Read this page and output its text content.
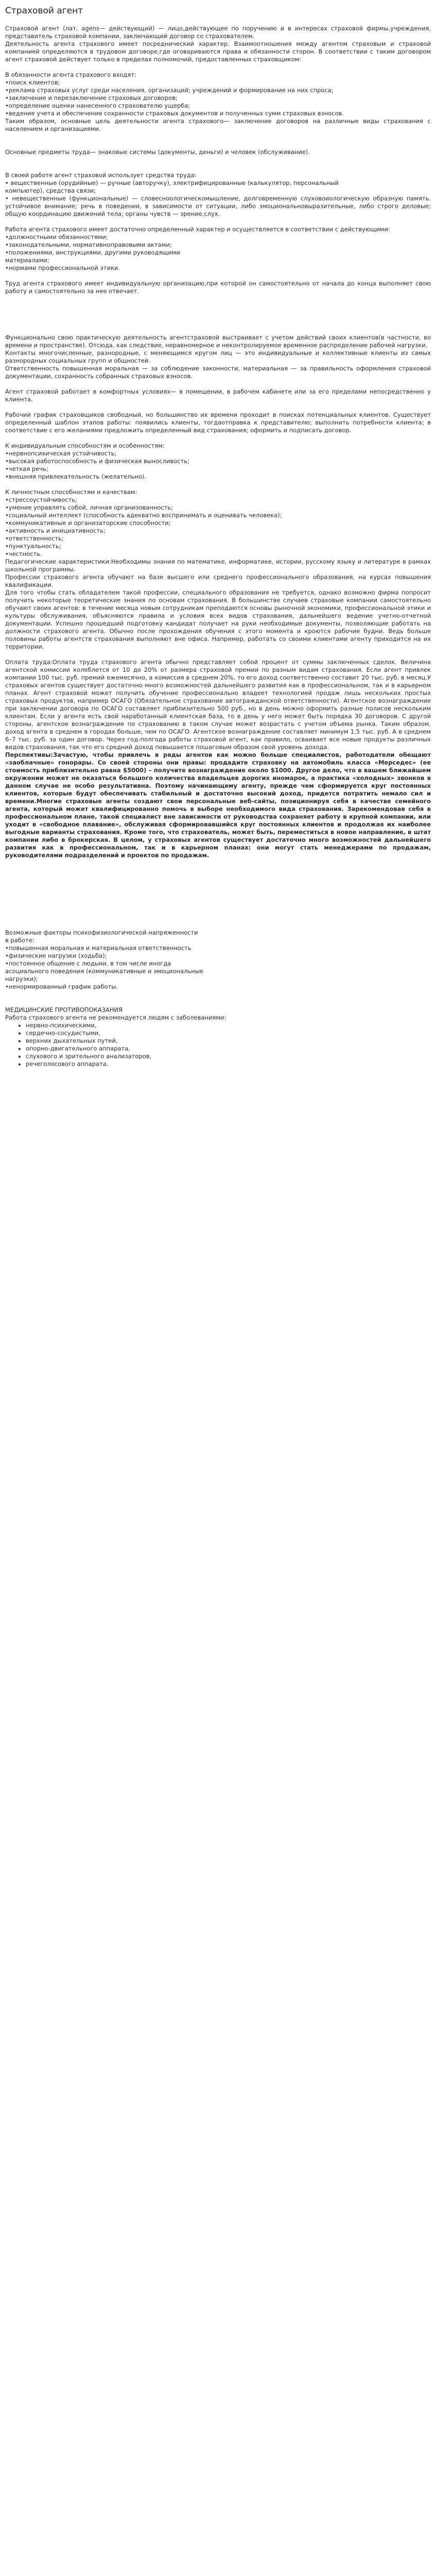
Страховой агент

Страховой агент (лат. agens— действующий) — лицо,действующее по поручению и в интересах страховой фирмы,учреждения, представитель страховой компании, заключающий договор со страхователем.

Деятельность агента страхового имеет посреднический характер. Взаимоотношения между агентом страховым и страховой компанией определяются в трудовом договоре,где оговариваются права и обязанности сторон. В соответствии с таким договором агент страховой действует только в пределах полномочий, предоставленных страховщиком:

В обязанности агента страхового входят:

•поиск клиентов;

•реклама страховых услуг среди населения, организаций; учреждений и формирование на них спроса;

•заключение и перезаключение страховых договоров;

•определение оценки нанесенного страхователю ущерба;

•ведение учета и обеспечение сохранности страховых документов и полученных сумм страховых взносов.

Таким образом, основные цель деятельности агента страхового— заключение договоров на различные виды страхования с населением и организациями.

Основные предметы труда— знаковые системы (документы, деньги) и человек (обслуживание).

В своей работе агент страховой использует средства труда:

• вещественные (орудийные) — ручные (авторучку), электрифицированные (калькулятор, персональный

компьютер), средства связи;

• невещественные (функциональные) — словесноологическомышление, долговременную слуховоиологическую образную память. устойчивое внимание; речь в поведении, в зависимости от ситуации, либо эмоциональновыразительные, либо строго деловые; общую координацию движений тела; органы чувств — зрение,слух.

Работа агента страхового имеет достаточно определенный характер и осуществляется в соответствии с действующими:

•должностными обязанностями;

•законодательными, нормативноправовыми актами;

•положениями, инструкциями, другими руководящими

материалами;

•нормами профессиональной этики.

Труд агента страхового имеет индивидуальную организацию,при которой он самостоятельно от начала до конца выполняет свою работу и самостоятельно за нее отвечает.

Функционально свою практическую деятельность агентстраховой выстраивает с учетом действий своих клиентов(в частности, во времени и пространстве). Отсюда, как следствие, неравномерное и неконтролируемое временное распределение рабочей нагрузки.

Контакты многочисленные, разнородные, с меняющимся кругом лиц — это индивидуальные и коллективные клиенты из самых разнородных социальных групп и общностей.

Ответственность повышенная моральная — за соблюдение законности, материальная — за правильность оформления страховой документации, сохранность собранных страховых взносов.

Агент страховой работает в комфортных условиях— в помещении, в рабочем кабинете или за его пределами непосредственно у клиента.

Рабочий график страховщиков свободный, но большинство их времени проходит в поисках потенциальных клиентов. Существует определенный шаблон этапов работы: появились клиенты, тогдаотправка к представителю; выполнить потребности клиента; в соответствие с его желаниями предложить определенный вид страхования; оформить и подписать договор.

К индивидуальным способностям и особенностям:

•нервнопсихическая устойчивость;

•высокая работоспособность и физическая выносливость;

•четкая речь;

•внешняя привлекательность (желательно).

К личностным способностям и качествам:

•стрессоустойчивость;

•умение управлять собой, личная организованность;

•социальный интеллект (способность адекватно воспринимать и оценивать человека);

•коммуникативные и организаторские способности;

•активность и инициативность;

•ответственность;

•пунктуальность;

•честность.

Педагогические характеристики:Необходимы знания по математике, информатике, истории, русскому языку и литературе в рамках школьной программы.

Профессии страхового агента обучают на базе высшего или среднего профессионального образования, на курсах повышения квалификации.

Для того чтобы стать обладателем такой профессии, специального образования не требуется, однако возможно фирма попросит получить некоторые теоретические знания по основам страхования. В большинстве случаев страховые компании самостоятельно обучают своих агентов: в течение месяца новым сотрудникам преподаются основы рыночной экономики, профессиональной этики и культуры обслуживания, объясняются правила и условия всех видов страхования, дальнейшего ведение учетно-отчетной документации. Успешно прошедший подготовку кандидат получает на руки необходимые документы, позволяющие работать на должности страхового агента. Обычно после прохождения обучения с этого момента и кроются рабочие будни. Ведь больше половины работы агентств страхования выполняют вне офиса. Например, работать со своими клиентами агенту приходится на их территории.

Оплата труда:Оплата труда страхового агента обычно представляет собой процент от суммы заключенных сделок. Величина агентской комиссии колеблется от 10 до 20% от размера страховой премии по разным видам страхования. Если агент привлек компании 100 тыс. руб. премий ежемесячно, а комиссия в среднем 20%, то его доход соответственно составит 20 тыс. руб. в месяц.У страховых агентов существует достаточно много возможностей дальнейшего развития как в профессиональном, так и в карьерном планах. Агент страховой может получить обучение профессионально владеет технологией продаж лишь нескольких простых страховых продуктов, например ОСАГО (Обязательное страхование автогражданской ответственности). Агентское вознаграждение при заключении договора по ОСАГО составляет приблизительно 500 руб., но в день можно оформить разные полисов нескольким клиентам. Если у агента есть свой наработанный клиентская база, то в день у него может быть порядка 30 договоров. С другой стороны, агентское вознаграждение по страхованию в таком случае может возрастать с учетом объема рынка. Таким образом, доход агента в среднем в городах больше, чем по ОСАГО. Агентское вознаграждение составляет минимум 1,5 тыс. руб. А в среднем 6–7 тыс. руб. за один договор. Через год-полгода работы страховой агент, как правило, осваивает все новые продукты различных видов страхования, так что его средний доход повышается пошаговым образом свой уровень дохода.

Перспективы:Зачастую, чтобы привлечь в ряды агентов как можно больше специалистов, работодатели обещают «заоблачные» гонорары. Со своей стороны они правы: продадите страховку на автомобиль класса «Мерседес» (ее стоимость приблизительно равна $5000) – получите вознаграждение около $1000. Другое дело, что в вашем ближайшем окружении может не оказаться большого количества владельцев дорогих иномарок, а практика «холодных» звонков в данном случае не особо результативна. Поэтому начинающему агенту, прежде чем сформируется круг постоянных клиентов, которые будут обеспечивать стабильный и достаточно высокий доход, придется потратить немало сил и времени.Многие страховые агенты создают свои персональные веб-сайты, позиционируя себя в качестве семейного агента, который может квалифицированно помочь в выборе необходимого вида страхования. Зарекомендовав себя в профессиональном плане, такой специалист вне зависимости от руководства сохраняет работу в крупной компании, или уходит в «свободное плавание», обслуживая сформировавшийся круг постоянных клиентов и продолжая их наиболее выгодные варианты страхования. Кроме того, что страхователь, может быть, переместиться в новое направление, в штат компании либо в брокерская. В целом, у страховых агентов существует достаточно много возможностей дальнейшего развития как в профессиональном, так и в карьерном планах: они могут стать менеджерами по продажам, руководителями подразделений и проектов по продажам.

Возможные факторы психофизиологической напряженности

в работе:

•повышенная моральная и материальная ответственность

•физические нагрузки (ходьба);

•постоянное общение с людьми, в том числе иногда

асоциального поведения (коммуникативные и эмоциональные

нагрузки);

•ненормированный график работы.

МЕДИЦИНСКИЕ ПРОТИВОПОКАЗАНИЯ

Работа страхового агента не рекомендуется людям с заболеваниями:

• нервно-психическими,
• сердечно-сосудистыми,
• верхних дыхательных путей,
• опорно-двигательного аппарата,
• слухового и зрительного анализаторов,
• речеголосового аппарата.
